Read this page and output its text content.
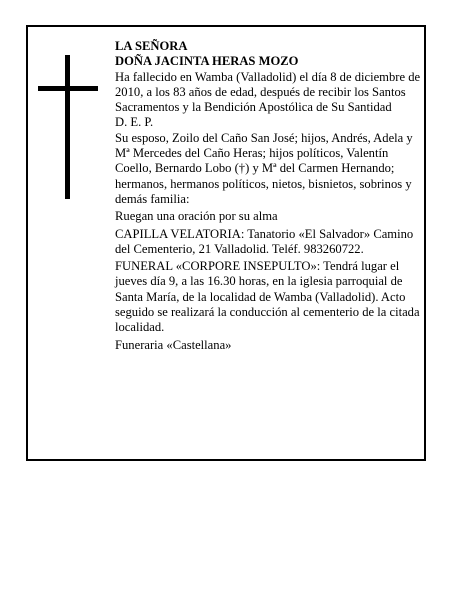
LA SEÑORA

DOÑA JACINTA HERAS MOZO

Ha fallecido en Wamba (Valladolid) el día 8 de diciembre de 2010, a los 83 años de edad, después de recibir los Santos Sacramentos y la Bendición Apostólica de Su Santidad

D. E. P.

Su esposo, Zoilo del Caño San José; hijos, Andrés, Adela y Mª Mercedes del Caño Heras; hijos políticos, Valentín Coello, Bernardo Lobo (†) y Mª del Carmen Hernando; hermanos, hermanos políticos, nietos, bisnietos, sobrinos y demás familia:

Ruegan una oración por su alma

CAPILLA VELATORIA: Tanatorio «El Salvador» Camino del Cementerio, 21 Valladolid. Teléf. 983260722.

FUNERAL «CORPORE INSEPULTO»: Tendrá lugar el jueves día 9, a las 16.30 horas, en la iglesia parroquial de Santa María, de la localidad de Wamba (Valladolid). Acto seguido se realizará la conducción al cementerio de la citada localidad.

Funeraria «Castellana»
